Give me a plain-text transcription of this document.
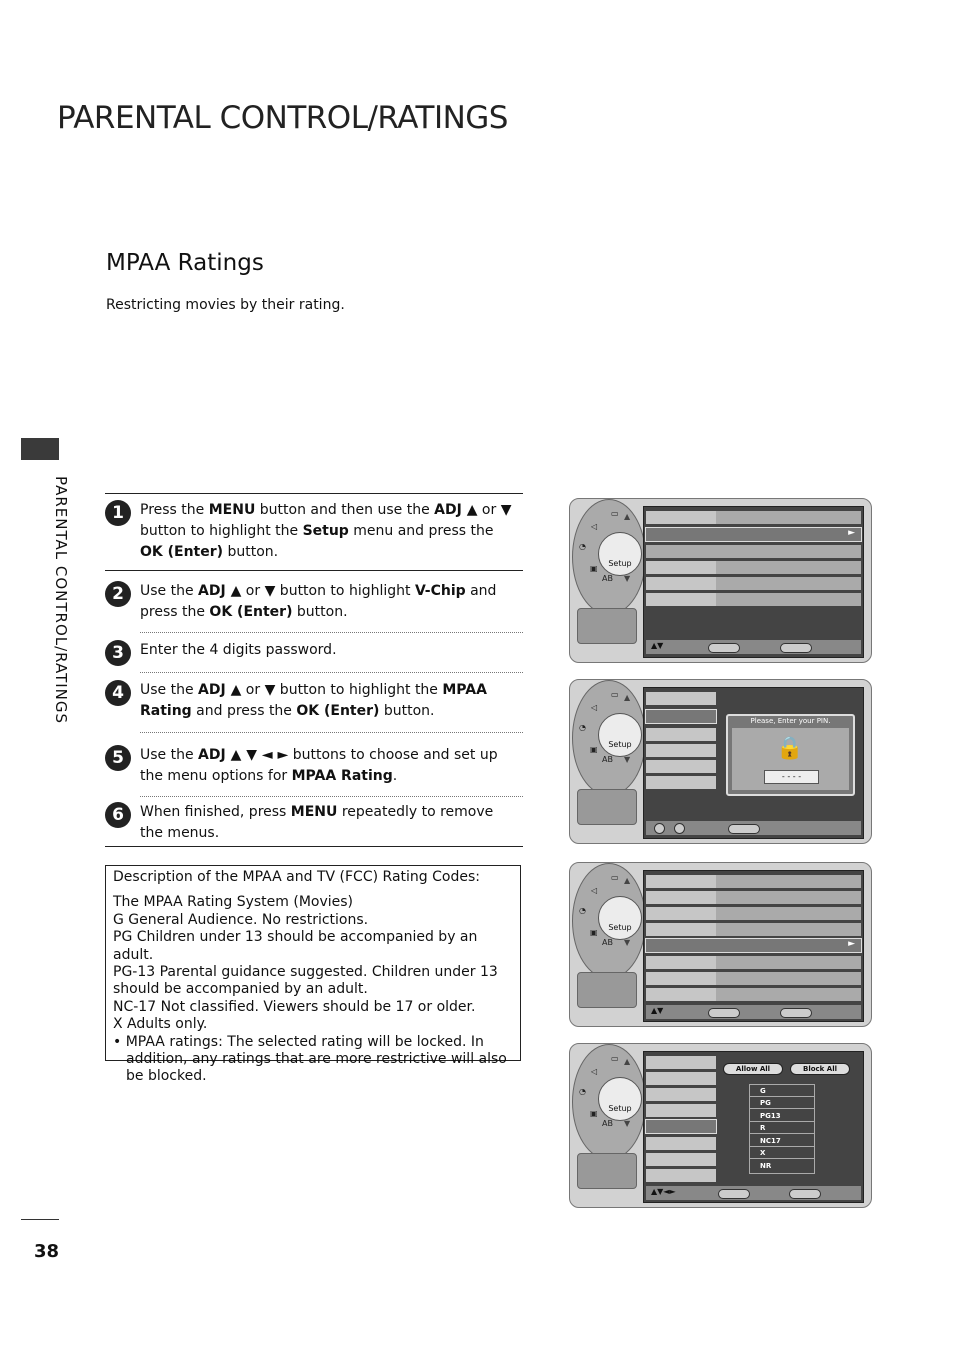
PARENTAL CONTROL/RATINGS
MPAA Ratings
Restricting movies by their rating.
PARENTAL CONTROL/RATINGS
38
1	Press the MENU button and then use the ADJ ▲ or ▼ button to highlight the Setup menu and press the OK (Enter) button.
2	Use the ADJ ▲ or ▼ button to highlight V-Chip and press the OK (Enter) button.
3	Enter the 4 digits password.
4	Use the ADJ ▲ or ▼ button to highlight the MPAA Rating and press the OK (Enter) button.
5	Use the ADJ ▲ ▼ ◄ ► buttons to choose and set up the menu options for MPAA Rating.
6	When finished, press MENU repeatedly to remove the menus.

Description of the MPAA and TV (FCC) Rating Codes:

The MPAA Rating System (Movies)

G General Audience. No restrictions.

PG Children under 13 should be accompanied by an adult.

PG-13 Parental guidance suggested. Children under 13 should be accompanied by an adult.

NC-17 Not classified. Viewers should be 17 or older.

X Adults only.

• MPAA ratings: The selected rating will be locked. In addition, any ratings that are more restrictive will also be blocked.

▭
◁
◔
▣
AB
Setup
▲
▼
►
▲▼
▭
◁
◔
▣
AB
Setup
▲
▼
Please, Enter your PIN.
🔒
- - - -
▭
◁
◔
▣
AB
Setup
▲
▼	►
▲▼
▭
◁
◔
▣
AB
Setup
▲
▼
Allow All	Block All
G
PG
PG13
R
NC17
X
NR
▲▼◄►
